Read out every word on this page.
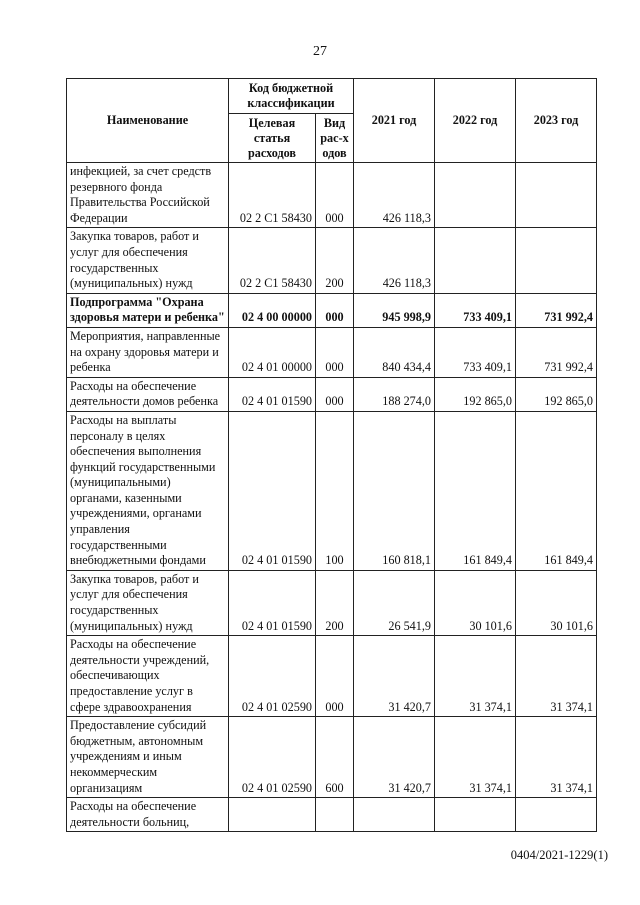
27
Наименование	Код бюджетной классификации		2021 год	2022 год	2023 год
	Целевая статья расходов	Вид рас-ходов			
инфекцией, за счет средств резервного фонда Правительства Российской Федерации	02 2 С1 58430	000	426 118,3		
Закупка товаров, работ и услуг для обеспечения государственных (муниципальных) нужд	02 2 С1 58430	200	426 118,3		
Подпрограмма "Охрана здоровья матери и ребенка"	02 4 00 00000	000	945 998,9	733 409,1	731 992,4
Мероприятия, направленные на охрану здоровья матери и ребенка	02 4 01 00000	000	840 434,4	733 409,1	731 992,4
Расходы на обеспечение деятельности домов ребенка	02 4 01 01590	000	188 274,0	192 865,0	192 865,0
Расходы на выплаты персоналу в целях обеспечения выполнения функций государственными (муниципальными) органами, казенными учреждениями, органами управления государственными внебюджетными фондами	02 4 01 01590	100	160 818,1	161 849,4	161 849,4
Закупка товаров, работ и услуг для обеспечения государственных (муниципальных) нужд	02 4 01 01590	200	26 541,9	30 101,6	30 101,6
Расходы на обеспечение деятельности учреждений, обеспечивающих предоставление услуг в сфере здравоохранения	02 4 01 02590	000	31 420,7	31 374,1	31 374,1
Предоставление субсидий бюджетным, автономным учреждениям и иным некоммерческим организациям	02 4 01 02590	600	31 420,7	31 374,1	31 374,1
Расходы на обеспечение деятельности больниц,					
0404/2021-1229(1)
